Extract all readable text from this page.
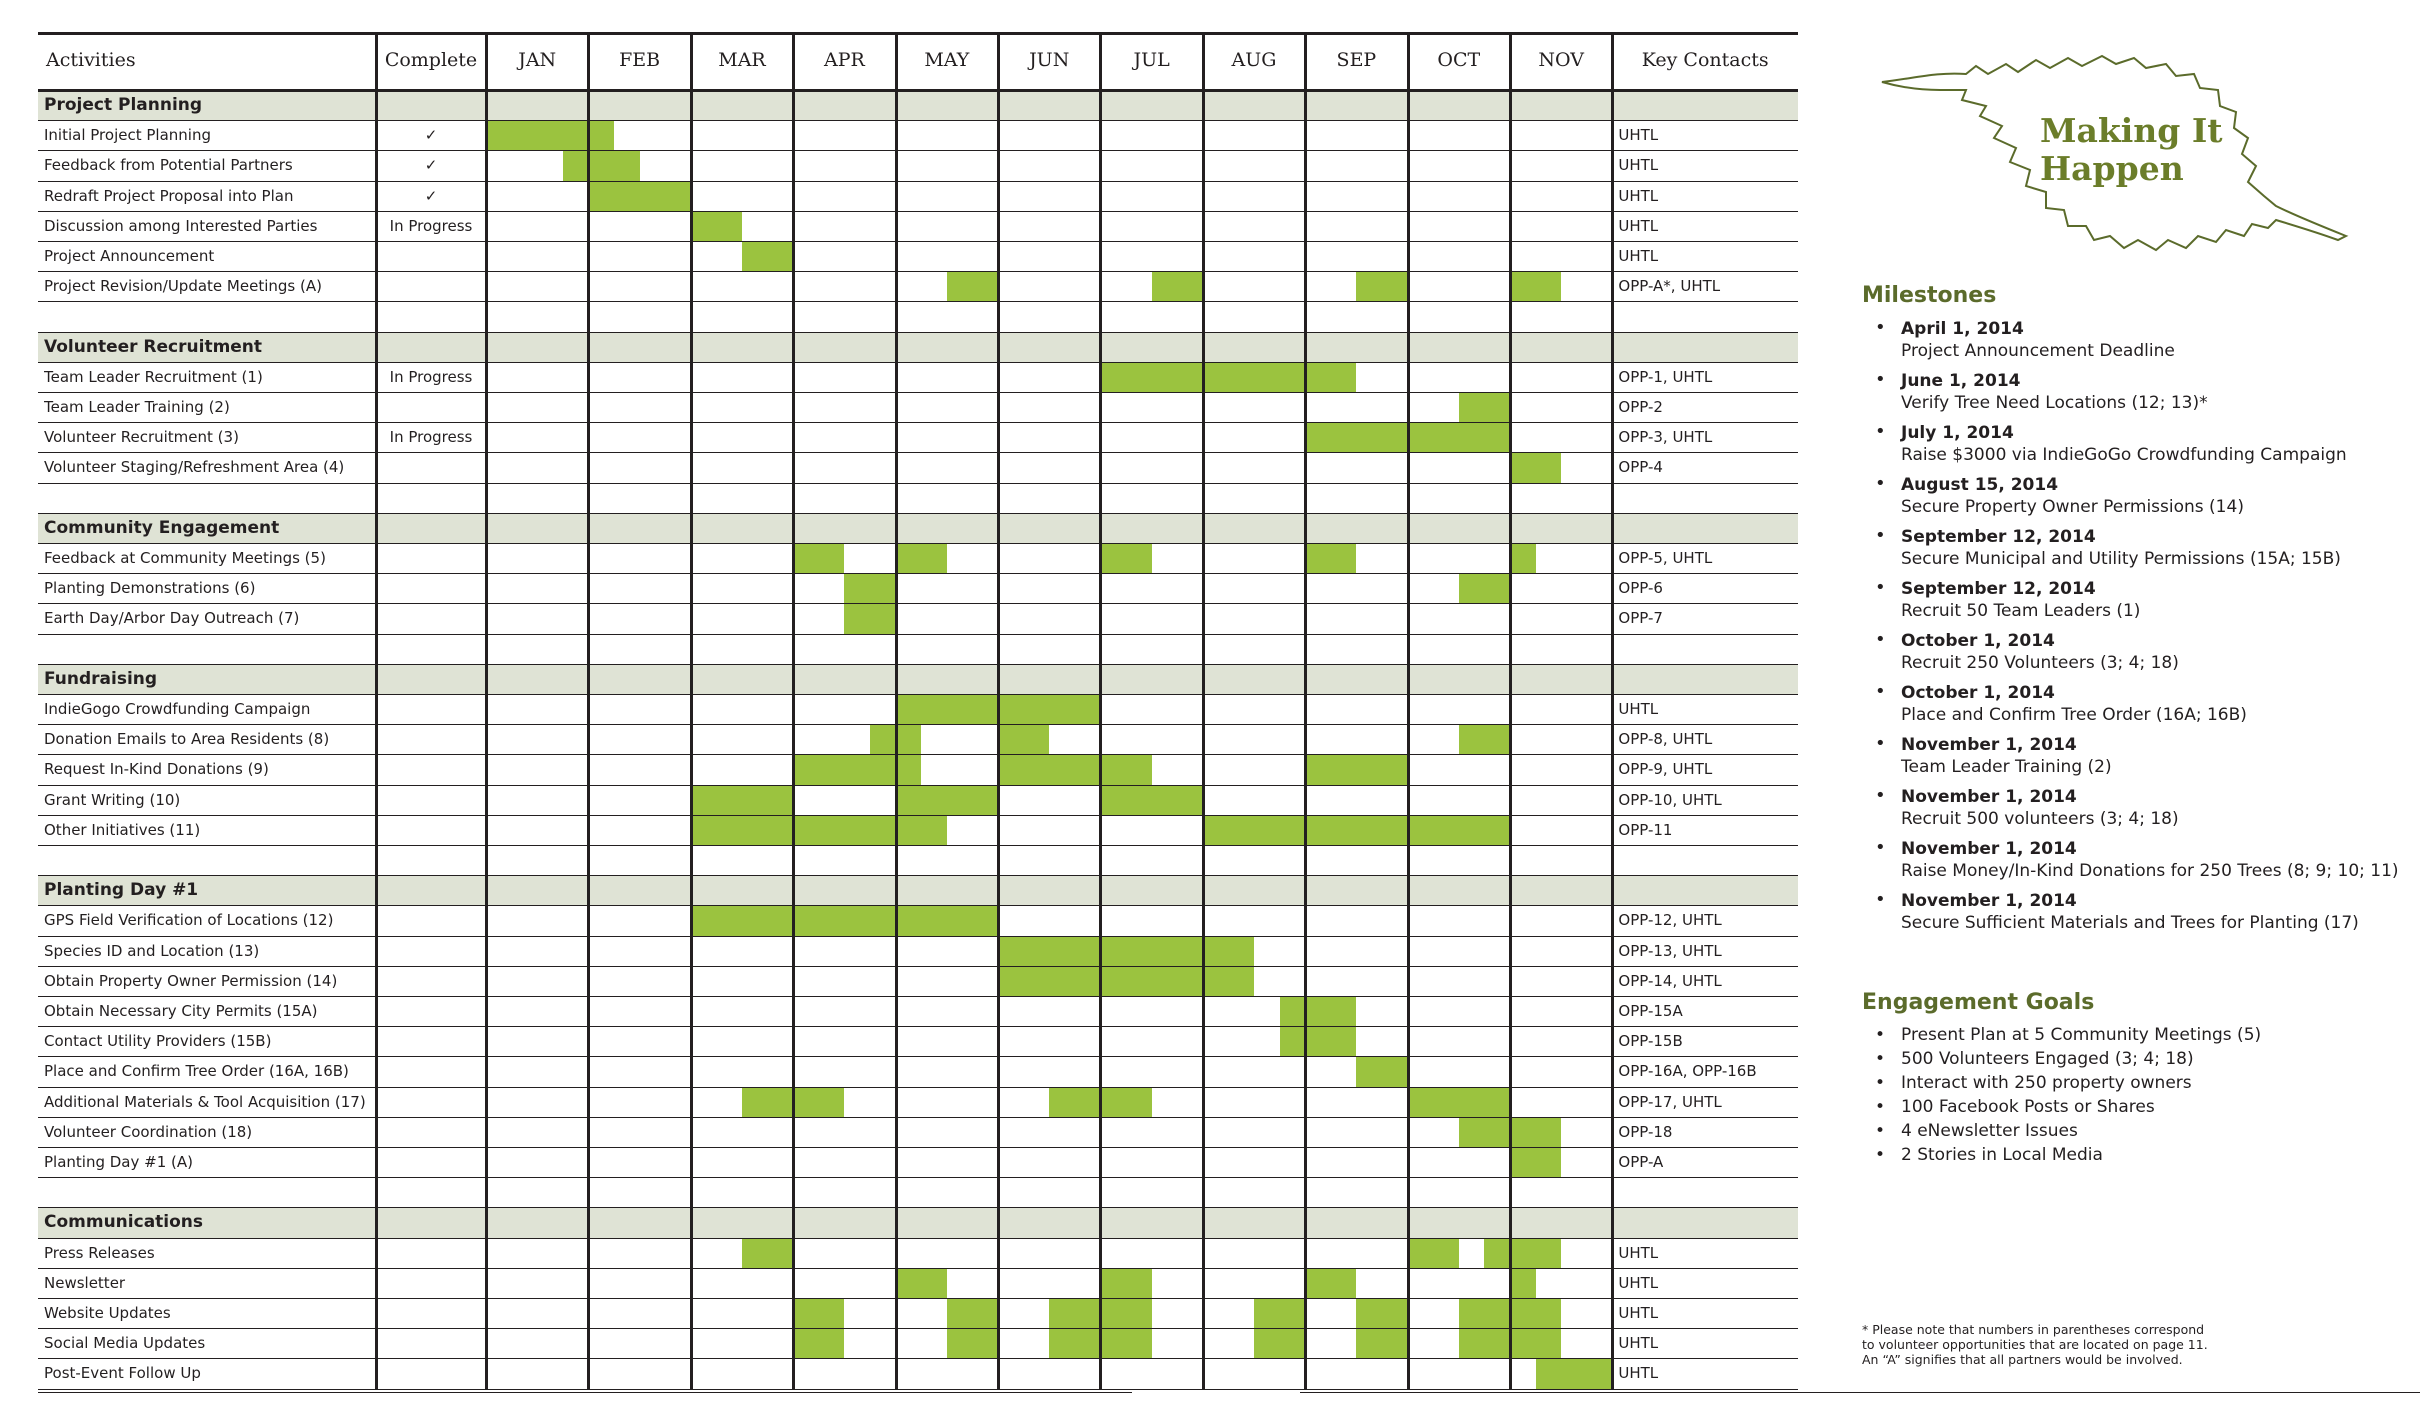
Activities	Complete	JAN	FEB	MAR	APR	MAY	JUN	JUL	AUG	SEP	OCT	NOV	Key Contacts
Project Planning
Initial Project Planning	✓	UHTL
Feedback from Potential Partners	✓	UHTL
Redraft Project Proposal into Plan	✓	UHTL
Discussion among Interested Parties	In Progress	UHTL
Project Announcement	UHTL
Project Revision/Update Meetings (A)	OPP-A*, UHTL
Volunteer Recruitment
Team Leader Recruitment (1)	In Progress	OPP-1, UHTL
Team Leader Training (2)	OPP-2
Volunteer Recruitment (3)	In Progress	OPP-3, UHTL
Volunteer Staging/Refreshment Area (4)	OPP-4
Community Engagement
Feedback at Community Meetings (5)	OPP-5, UHTL
Planting Demonstrations (6)	OPP-6
Earth Day/Arbor Day Outreach (7)	OPP-7
Fundraising
IndieGogo Crowdfunding Campaign	UHTL
Donation Emails to Area Residents (8)	OPP-8, UHTL
Request In-Kind Donations (9)	OPP-9, UHTL
Grant Writing (10)	OPP-10, UHTL
Other Initiatives (11)	OPP-11
Planting Day #1
GPS Field Verification of Locations (12)	OPP-12, UHTL
Species ID and Location (13)	OPP-13, UHTL
Obtain Property Owner Permission (14)	OPP-14, UHTL
Obtain Necessary City Permits (15A)	OPP-15A
Contact Utility Providers (15B)	OPP-15B
Place and Confirm Tree Order (16A, 16B)	OPP-16A, OPP-16B
Additional Materials & Tool Acquisition (17)	OPP-17, UHTL
Volunteer Coordination (18)	OPP-18
Planting Day #1 (A)	OPP-A
Communications
Press Releases	UHTL
Newsletter	UHTL
Website Updates	UHTL
Social Media Updates	UHTL
Post-Event Follow Up	UHTL
Making It
Happen
Milestones
• April 1, 2014
Project Announcement Deadline
• June 1, 2014
Verify Tree Need Locations (12; 13)*
• July 1, 2014
Raise $3000 via IndieGoGo Crowdfunding Campaign
• August 15, 2014
Secure Property Owner Permissions (14)
• September 12, 2014
Secure Municipal and Utility Permissions (15A; 15B)
• September 12, 2014
Recruit 50 Team Leaders (1)
• October 1, 2014
Recruit 250 Volunteers (3; 4; 18)
• October 1, 2014
Place and Confirm Tree Order (16A; 16B)
• November 1, 2014
Team Leader Training (2)
• November 1, 2014
Recruit 500 volunteers (3; 4; 18)
• November 1, 2014
Raise Money/In-Kind Donations for 250 Trees (8; 9; 10; 11)
• November 1, 2014
Secure Sufficient Materials and Trees for Planting (17)
Engagement Goals
• Present Plan at 5 Community Meetings (5)
• 500 Volunteers Engaged (3; 4; 18)
• Interact with 250 property owners
• 100 Facebook Posts or Shares
• 4 eNewsletter Issues
• 2 Stories in Local Media
* Please note that numbers in parentheses correspond
to volunteer opportunities that are located on page 11.
An “A” signifies that all partners would be involved.
